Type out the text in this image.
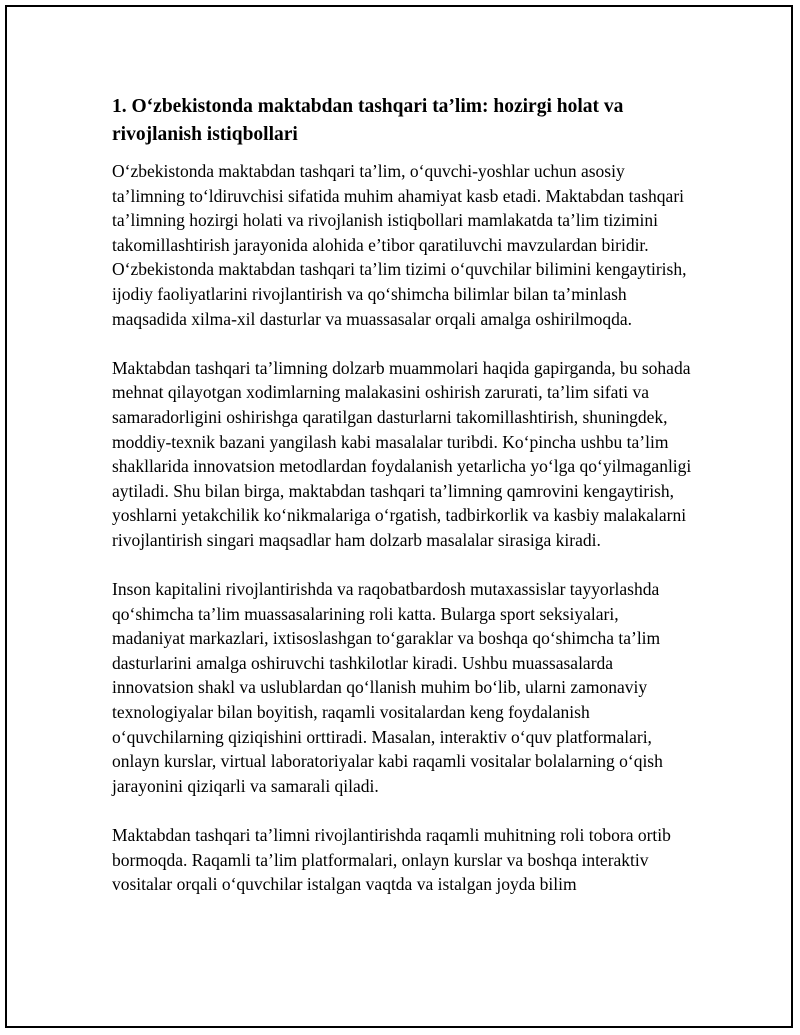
1. O‘zbekistonda maktabdan tashqari ta’lim: hozirgi holat va rivojlanish istiqbollari

O‘zbekistonda maktabdan tashqari ta’lim, o‘quvchi-yoshlar uchun asosiy ta’limning to‘ldiruvchisi sifatida muhim ahamiyat kasb etadi. Maktabdan tashqari ta’limning hozirgi holati va rivojlanish istiqbollari mamlakatda ta’lim tizimini takomillashtirish jarayonida alohida e’tibor qaratiluvchi mavzulardan biridir. O‘zbekistonda maktabdan tashqari ta’lim tizimi o‘quvchilar bilimini kengaytirish, ijodiy faoliyatlarini rivojlantirish va qo‘shimcha bilimlar bilan ta’minlash maqsadida xilma-xil dasturlar va muassasalar orqali amalga oshirilmoqda.

Maktabdan tashqari ta’limning dolzarb muammolari haqida gapirganda, bu sohada mehnat qilayotgan xodimlarning malakasini oshirish zarurati, ta’lim sifati va samaradorligini oshirishga qaratilgan dasturlarni takomillashtirish, shuningdek, moddiy-texnik bazani yangilash kabi masalalar turibdi. Ko‘pincha ushbu ta’lim shakllarida innovatsion metodlardan foydalanish yetarlicha yo‘lga qo‘yilmaganligi aytiladi. Shu bilan birga, maktabdan tashqari ta’limning qamrovini kengaytirish, yoshlarni yetakchilik ko‘nikmalariga o‘rgatish, tadbirkorlik va kasbiy malakalarni rivojlantirish singari maqsadlar ham dolzarb masalalar sirasiga kiradi.

Inson kapitalini rivojlantirishda va raqobatbardosh mutaxassislar tayyorlashda qo‘shimcha ta’lim muassasalarining roli katta. Bularga sport seksiyalari, madaniyat markazlari, ixtisoslashgan to‘garaklar va boshqa qo‘shimcha ta’lim dasturlarini amalga oshiruvchi tashkilotlar kiradi. Ushbu muassasalarda innovatsion shakl va uslublardan qo‘llanish muhim bo‘lib, ularni zamonaviy texnologiyalar bilan boyitish, raqamli vositalardan keng foydalanish o‘quvchilarning qiziqishini orttiradi. Masalan, interaktiv o‘quv platformalari, onlayn kurslar, virtual laboratoriyalar kabi raqamli vositalar bolalarning o‘qish jarayonini qiziqarli va samarali qiladi.

Maktabdan tashqari ta’limni rivojlantirishda raqamli muhitning roli tobora ortib bormoqda. Raqamli ta’lim platformalari, onlayn kurslar va boshqa interaktiv vositalar orqali o‘quvchilar istalgan vaqtda va istalgan joyda bilim
